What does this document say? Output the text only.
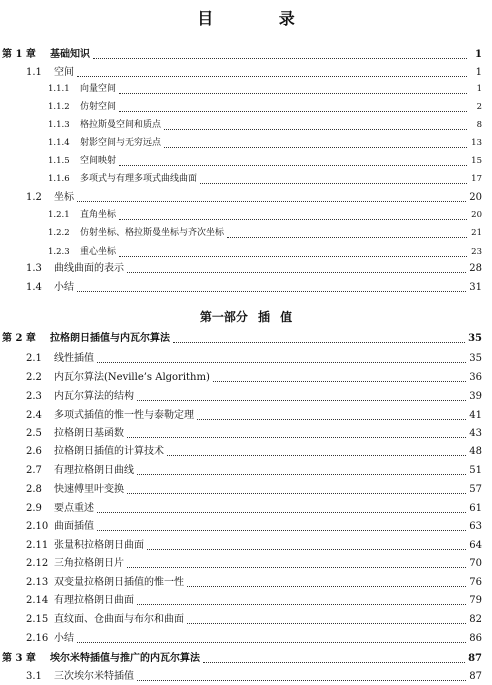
目 录
第一部分 插 值
第 1 章	基础知识	1
1.1	空间	1
1.1.1	向量空间	1
1.1.2	仿射空间	2
1.1.3	格拉斯曼空间和质点	8
1.1.4	射影空间与无穷远点	13
1.1.5	空间映射	15
1.1.6	多项式与有理多项式曲线曲面	17
1.2	坐标	20
1.2.1	直角坐标	20
1.2.2	仿射坐标、格拉斯曼坐标与齐次坐标	21
1.2.3	重心坐标	23
1.3	曲线曲面的表示	28
1.4	小结	31
第 2 章	拉格朗日插值与内瓦尔算法	35
2.1	线性插值	35
2.2	内瓦尔算法(Neville’s Algorithm)	36
2.3	内瓦尔算法的结构	39
2.4	多项式插值的惟一性与泰勒定理	41
2.5	拉格朗日基函数	43
2.6	拉格朗日插值的计算技术	48
2.7	有理拉格朗日曲线	51
2.8	快速傅里叶变换	57
2.9	要点重述	61
2.10 曲面插值	63
2.11 张量积拉格朗日曲面	64
2.12 三角拉格朗日片	70
2.13 双变量拉格朗日插值的惟一性	76
2.14 有理拉格朗日曲面	79
2.15 直纹面、仓曲面与布尔和曲面	82
2.16 小结	86
第 3 章	埃尔米特插值与推广的内瓦尔算法	87
3.1	三次埃尔米特插值	87
